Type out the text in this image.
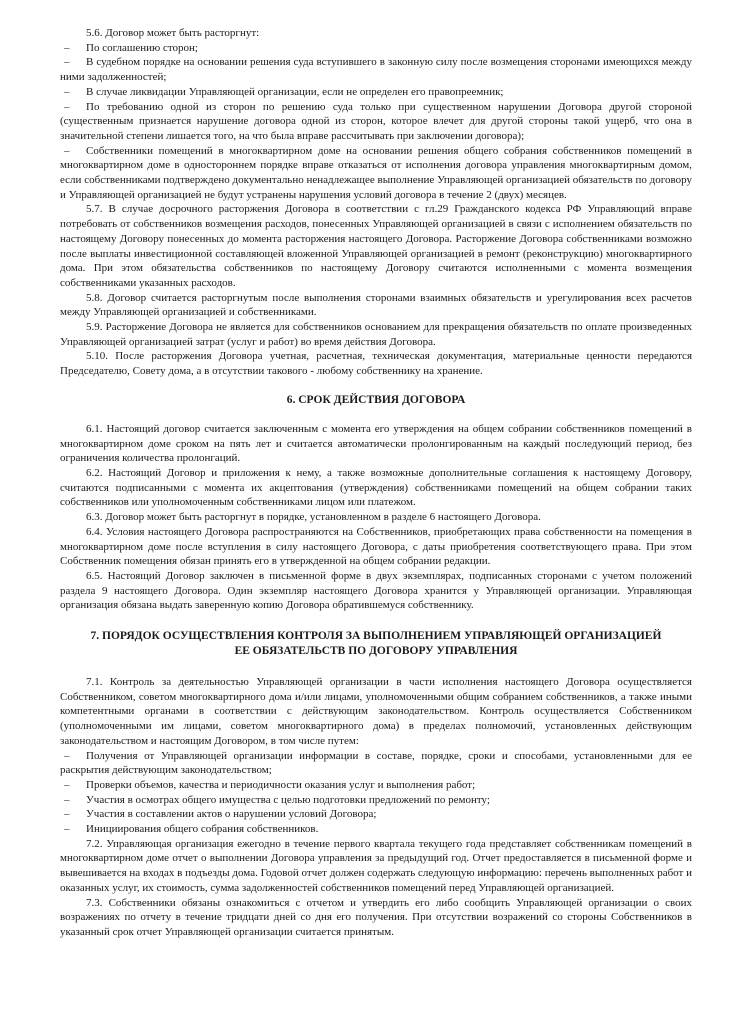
5.6. Договор может быть расторгнут:

–	По соглашению сторон;

– В судебном порядке на основании решения суда вступившего в законную силу после возмещения сторонами имеющихся между ними задолженностей;

–	В случае ликвидации Управляющей организации, если не определен его правопреемник;

– По требованию одной из сторон по решению суда только при существенном нарушении Договора другой стороной (существенным признается нарушение договора одной из сторон, которое влечет для другой стороны такой ущерб, что она в значительной степени лишается того, на что была вправе рассчитывать при заключении договора);

– Собственники помещений в многоквартирном доме на основании решения общего собрания собственников помещений в многоквартирном доме в одностороннем порядке вправе отказаться от исполнения договора управления многоквартирным домом, если собственниками подтверждено документально ненадлежащее выполнение Управляющей организацией обязательств по договору и Управляющей организацией не будут устранены нарушения условий договора в течение 2 (двух) месяцев.

5.7. В случае досрочного расторжения Договора в соответствии с гл.29 Гражданского кодекса РФ Управляющий вправе потребовать от собственников возмещения расходов, понесенных Управляющей организацией в связи с исполнением обязательств по настоящему Договору понесенных до момента расторжения настоящего Договора. Расторжение Договора собственниками возможно после выплаты инвестиционной составляющей вложенной Управляющей организацией в ремонт (реконструкцию) многоквартирного дома. При этом обязательства собственников по настоящему Договору считаются исполненными с момента возмещения собственниками указанных расходов.

5.8. Договор считается расторгнутым после выполнения сторонами взаимных обязательств и урегулирования всех расчетов между Управляющей организацией и собственниками.

5.9. Расторжение Договора не является для собственников основанием для прекращения обязательств по оплате произведенных Управляющей организацией затрат (услуг и работ) во время действия Договора.

5.10. После расторжения Договора учетная, расчетная, техническая документация, материальные ценности передаются Председателю, Совету дома, а в отсутствии такового - любому собственнику на хранение.

6. СРОК ДЕЙСТВИЯ ДОГОВОРА

6.1. Настоящий договор считается заключенным с момента его утверждения на общем собрании собственников помещений в многоквартирном доме сроком на пять лет и считается автоматически пролонгированным на каждый последующий период, без ограничения количества пролонгаций.

6.2. Настоящий Договор и приложения к нему, а также возможные дополнительные соглашения к настоящему Договору, считаются подписанными с момента их акцептования (утверждения) собственниками помещений на общем собрании таких собственников или уполномоченным собственниками лицом или платежом.

6.3. Договор может быть расторгнут в порядке, установленном в разделе 6 настоящего Договора.

6.4. Условия настоящего Договора распространяются на Собственников, приобретающих права собственности на помещения в многоквартирном доме после вступления в силу настоящего Договора, с даты приобретения соответствующего права. При этом Собственник помещения обязан принять его в утвержденной на общем собрании редакции.

6.5. Настоящий Договор заключен в письменной форме в двух экземплярах, подписанных сторонами с учетом положений раздела 9 настоящего Договора. Один экземпляр настоящего Договора хранится у Управляющей организации. Управляющая организация обязана выдать заверенную копию Договора обратившемуся собственнику.

7. ПОРЯДОК ОСУЩЕСТВЛЕНИЯ КОНТРОЛЯ ЗА ВЫПОЛНЕНИЕМ УПРАВЛЯЮЩЕЙ ОРГАНИЗАЦИЕЙ
ЕЕ ОБЯЗАТЕЛЬСТВ ПО ДОГОВОРУ УПРАВЛЕНИЯ

7.1. Контроль за деятельностью Управляющей организации в части исполнения настоящего Договора осуществляется Собственником, советом многоквартирного дома и/или лицами, уполномоченными общим собранием собственников, а также иными компетентными органами в соответствии с действующим законодательством. Контроль осуществляется Собственником (уполномоченными им лицами, советом многоквартирного дома) в пределах полномочий, установленных действующим законодательством и настоящим Договором, в том числе путем:

– Получения от Управляющей организации информации в составе, порядке, сроки и способами, установленными для ее раскрытия действующим законодательством;

–	Проверки объемов, качества и периодичности оказания услуг и выполнения работ;
–	Участия в осмотрах общего имущества с целью подготовки предложений по ремонту;
–	Участия в составлении актов о нарушении условий Договора;
–	Инициирования общего собрания собственников.

7.2. Управляющая организация ежегодно в течение первого квартала текущего года представляет собственникам помещений в многоквартирном доме отчет о выполнении Договора управления за предыдущий год. Отчет предоставляется в письменной форме и вывешивается на входах в подъезды дома. Годовой отчет должен содержать следующую информацию: перечень выполненных работ и оказанных услуг, их стоимость, сумма задолженностей собственников помещений перед Управляющей организацией.

7.3. Собственники обязаны ознакомиться с отчетом и утвердить его либо сообщить Управляющей организации о своих возражениях по отчету в течение тридцати дней со дня его получения. При отсутствии возражений со стороны Собственников в указанный срок отчет Управляющей организации считается принятым.
